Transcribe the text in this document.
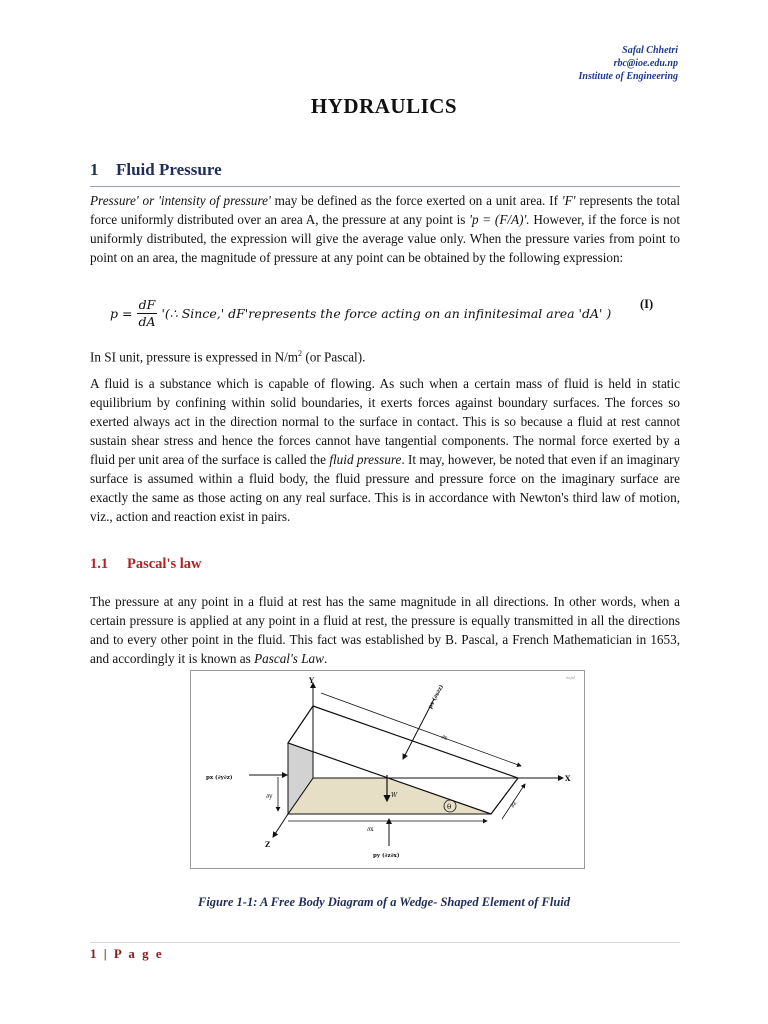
Safal Chhetri
rbc@ioe.edu.np
Institute of Engineering
HYDRAULICS
1 Fluid Pressure
Pressure' or 'intensity of pressure' may be defined as the force exerted on a unit area. If 'F' represents the total force uniformly distributed over an area A, the pressure at any point is 'p = (F/A)'. However, if the force is not uniformly distributed, the expression will give the average value only. When the pressure varies from point to point on an area, the magnitude of pressure at any point can be obtained by the following expression:
$p = \frac{dF}{dA}$ '(∴ Since,' dF'represents the force acting on an infinitesimal area 'dA' )
(I)
In SI unit, pressure is expressed in $N/m^2$ (or Pascal).
A fluid is a substance which is capable of flowing. As such when a certain mass of fluid is held in static equilibrium by confining within solid boundaries, it exerts forces against boundary surfaces. The forces so exerted always act in the direction normal to the surface in contact. This is so because a fluid at rest cannot sustain shear stress and hence the forces cannot have tangential components. The normal force exerted by a fluid per unit area of the surface is called the fluid pressure. It may, however, be noted that even if an imaginary surface is assumed within a fluid body, the fluid pressure and pressure force on the imaginary surface are exactly the same as those acting on any real surface. This is in accordance with Newton's third law of motion, viz., action and reaction exist in pairs.
1.1 Pascal's law
The pressure at any point in a fluid at rest has the same magnitude in all directions. In other words, when a certain pressure is applied at any point in a fluid at rest, the pressure is equally transmitted in all the directions and to every other point in the fluid. This fact was established by B. Pascal, a French Mathematician in 1653, and accordingly it is known as Pascal's Law.
Y
X
Z
ps (∂s∂z)
∂s
px (∂y∂z)
∂y	W
θ	∂z
∂x
py (∂z∂x)
Safal
Figure 1-1: A Free Body Diagram of a Wedge- Shaped Element of Fluid
1 | P a g e
